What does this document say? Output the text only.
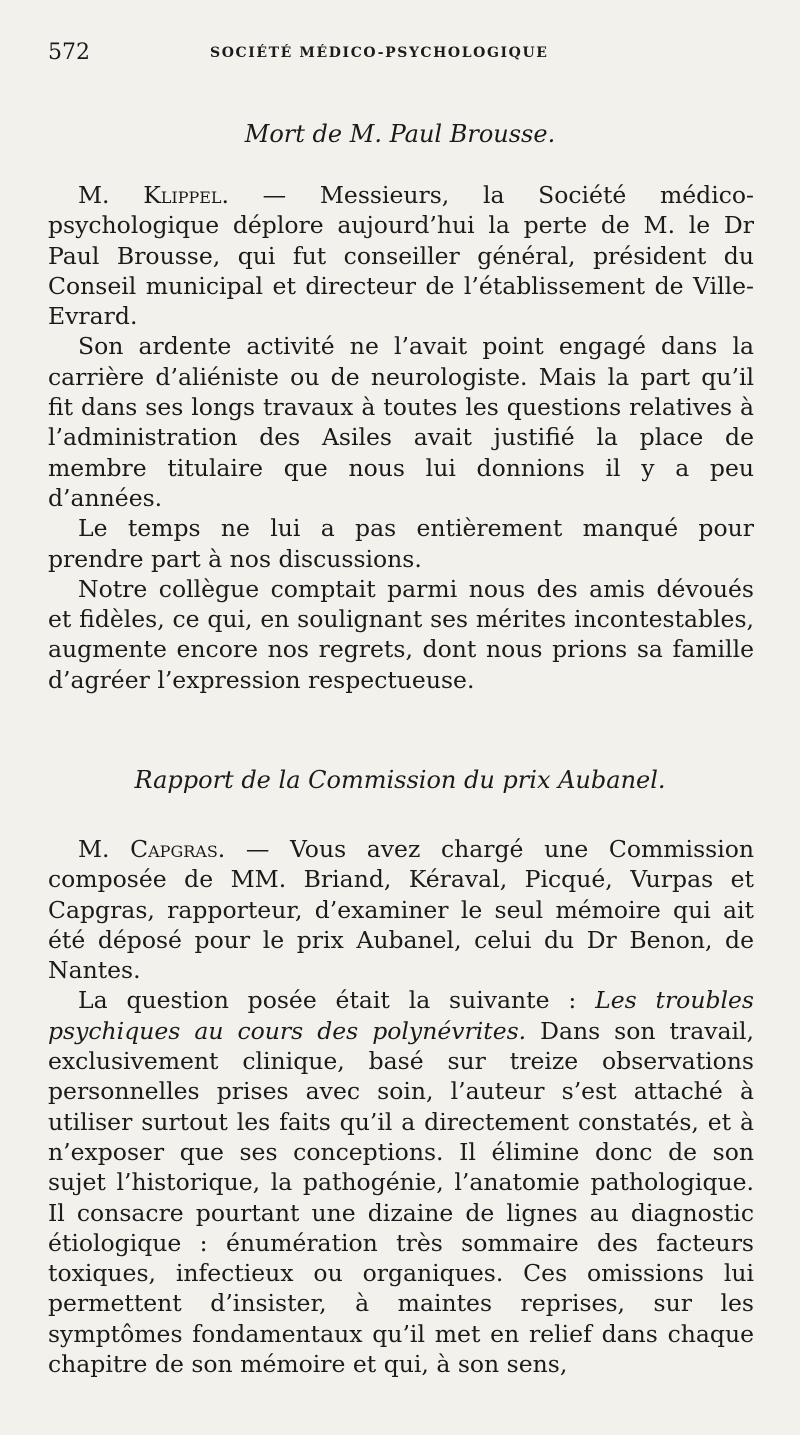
572	SOCIÉTÉ MÉDICO-PSYCHOLOGIQUE
Mort de M. Paul Brousse.

M. Klippel. — Messieurs, la Société médico-psychologique déplore aujourd’hui la perte de M. le Dr Paul Brousse, qui fut conseiller général, président du Conseil municipal et directeur de l’établissement de Ville-Evrard.

Son ardente activité ne l’avait point engagé dans la carrière d’aliéniste ou de neurologiste. Mais la part qu’il fit dans ses longs travaux à toutes les questions relatives à l’administration des Asiles avait justifié la place de membre titulaire que nous lui donnions il y a peu d’années.

Le temps ne lui a pas entièrement manqué pour prendre part à nos discussions.

Notre collègue comptait parmi nous des amis dévoués et fidèles, ce qui, en soulignant ses mérites incontestables, augmente encore nos regrets, dont nous prions sa famille d’agréer l’expression respectueuse.

Rapport de la Commission du prix Aubanel.

M. Capgras. — Vous avez chargé une Commission composée de MM. Briand, Kéraval, Picqué, Vurpas et Capgras, rapporteur, d’examiner le seul mémoire qui ait été déposé pour le prix Aubanel, celui du Dr Benon, de Nantes.

La question posée était la suivante : Les troubles psychiques au cours des polynévrites. Dans son travail, exclusivement clinique, basé sur treize observations personnelles prises avec soin, l’auteur s’est attaché à utiliser surtout les faits qu’il a directement constatés, et à n’exposer que ses conceptions. Il élimine donc de son sujet l’historique, la pathogénie, l’anatomie pathologique. Il consacre pourtant une dizaine de lignes au diagnostic étiologique : énumération très sommaire des facteurs toxiques, infectieux ou organiques. Ces omissions lui permettent d’insister, à maintes reprises, sur les symptômes fondamentaux qu’il met en relief dans chaque chapitre de son mémoire et qui, à son sens,
